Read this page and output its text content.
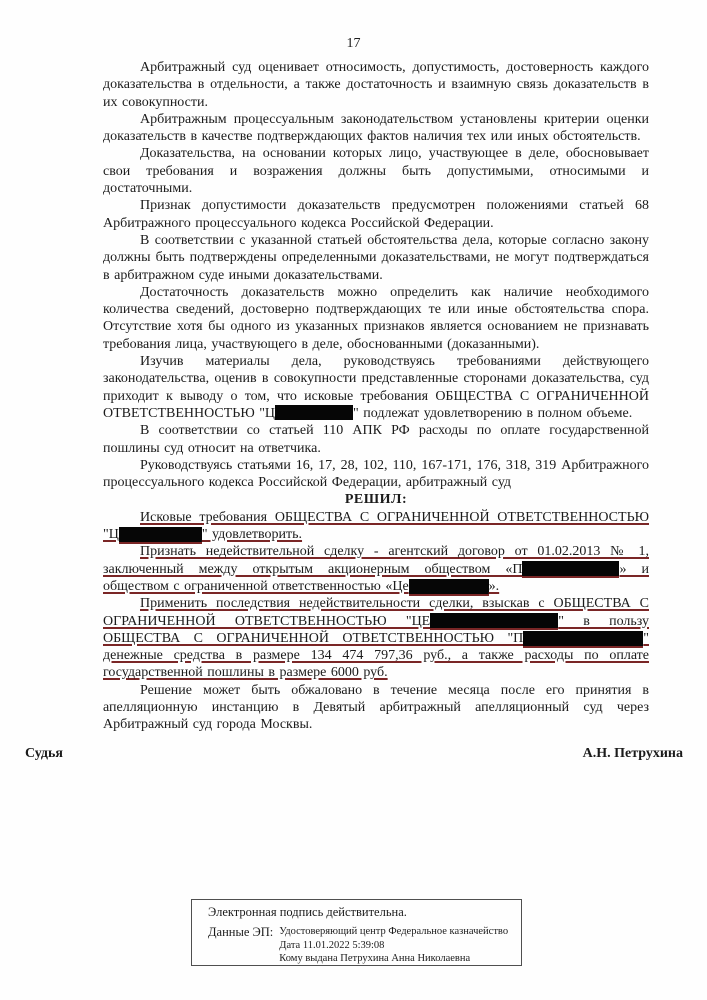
17

Арбитражный суд оценивает относимость, допустимость, достоверность каждого доказательства в отдельности, а также достаточность и взаимную связь доказательств в их совокупности.

Арбитражным процессуальным законодательством установлены критерии оценки доказательств в качестве подтверждающих фактов наличия тех или иных обстоятельств.

Доказательства, на основании которых лицо, участвующее в деле, обосновывает свои требования и возражения должны быть допустимыми, относимыми и достаточными.

Признак допустимости доказательств предусмотрен положениями статьей 68 Арбитражного процессуального кодекса Российской Федерации.

В соответствии с указанной статьей обстоятельства дела, которые согласно закону должны быть подтверждены определенными доказательствами, не могут подтверждаться в арбитражном суде иными доказательствами.

Достаточность доказательств можно определить как наличие необходимого количества сведений, достоверно подтверждающих те или иные обстоятельства спора. Отсутствие хотя бы одного из указанных признаков является основанием не признавать требования лица, участвующего в деле, обоснованными (доказанными).

Изучив материалы дела, руководствуясь требованиями действующего законодательства, оценив в совокупности представленные сторонами доказательства, суд приходит к выводу о том, что исковые требования ОБЩЕСТВА С ОГРАНИЧЕННОЙ ОТВЕТСТВЕННОСТЬЮ "Ц	" подлежат удовлетворению в полном объеме.

В соответствии со статьей 110 АПК РФ расходы по оплате государственной пошлины суд относит на ответчика.

Руководствуясь статьями 16, 17, 28, 102, 110, 167-171, 176, 318, 319 Арбитражного процессуального кодекса Российской Федерации, арбитражный суд

РЕШИЛ:

Исковые требования ОБЩЕСТВА С ОГРАНИЧЕННОЙ ОТВЕТСТВЕННОСТЬЮ "Ц	" удовлетворить.

Признать недействительной сделку - агентский договор от 01.02.2013 № 1, заключенный между открытым акционерным обществом «П	» и обществом с ограниченной ответственностью «Це	».

Применить последствия недействительности сделки, взыскав с ОБЩЕСТВА С ОГРАНИЧЕННОЙ ОТВЕТСТВЕННОСТЬЮ "ЦЕ	" в пользу ОБЩЕСТВА С ОГРАНИЧЕННОЙ ОТВЕТСТВЕННОСТЬЮ "П	" денежные средства в размере 134 474 797,36 руб., а также расходы по оплате государственной пошлины в размере 6000 руб.

Решение может быть обжаловано в течение месяца после его принятия в апелляционную инстанцию в Девятый арбитражный апелляционный суд через Арбитражный суд города Москвы.

Судья	А.Н. Петрухина
Электронная подпись действительна.
Данные ЭП: Удостоверяющий центр Федеральное казначейство
Дата 11.01.2022 5:39:08
Кому выдана Петрухина Анна Николаевна
